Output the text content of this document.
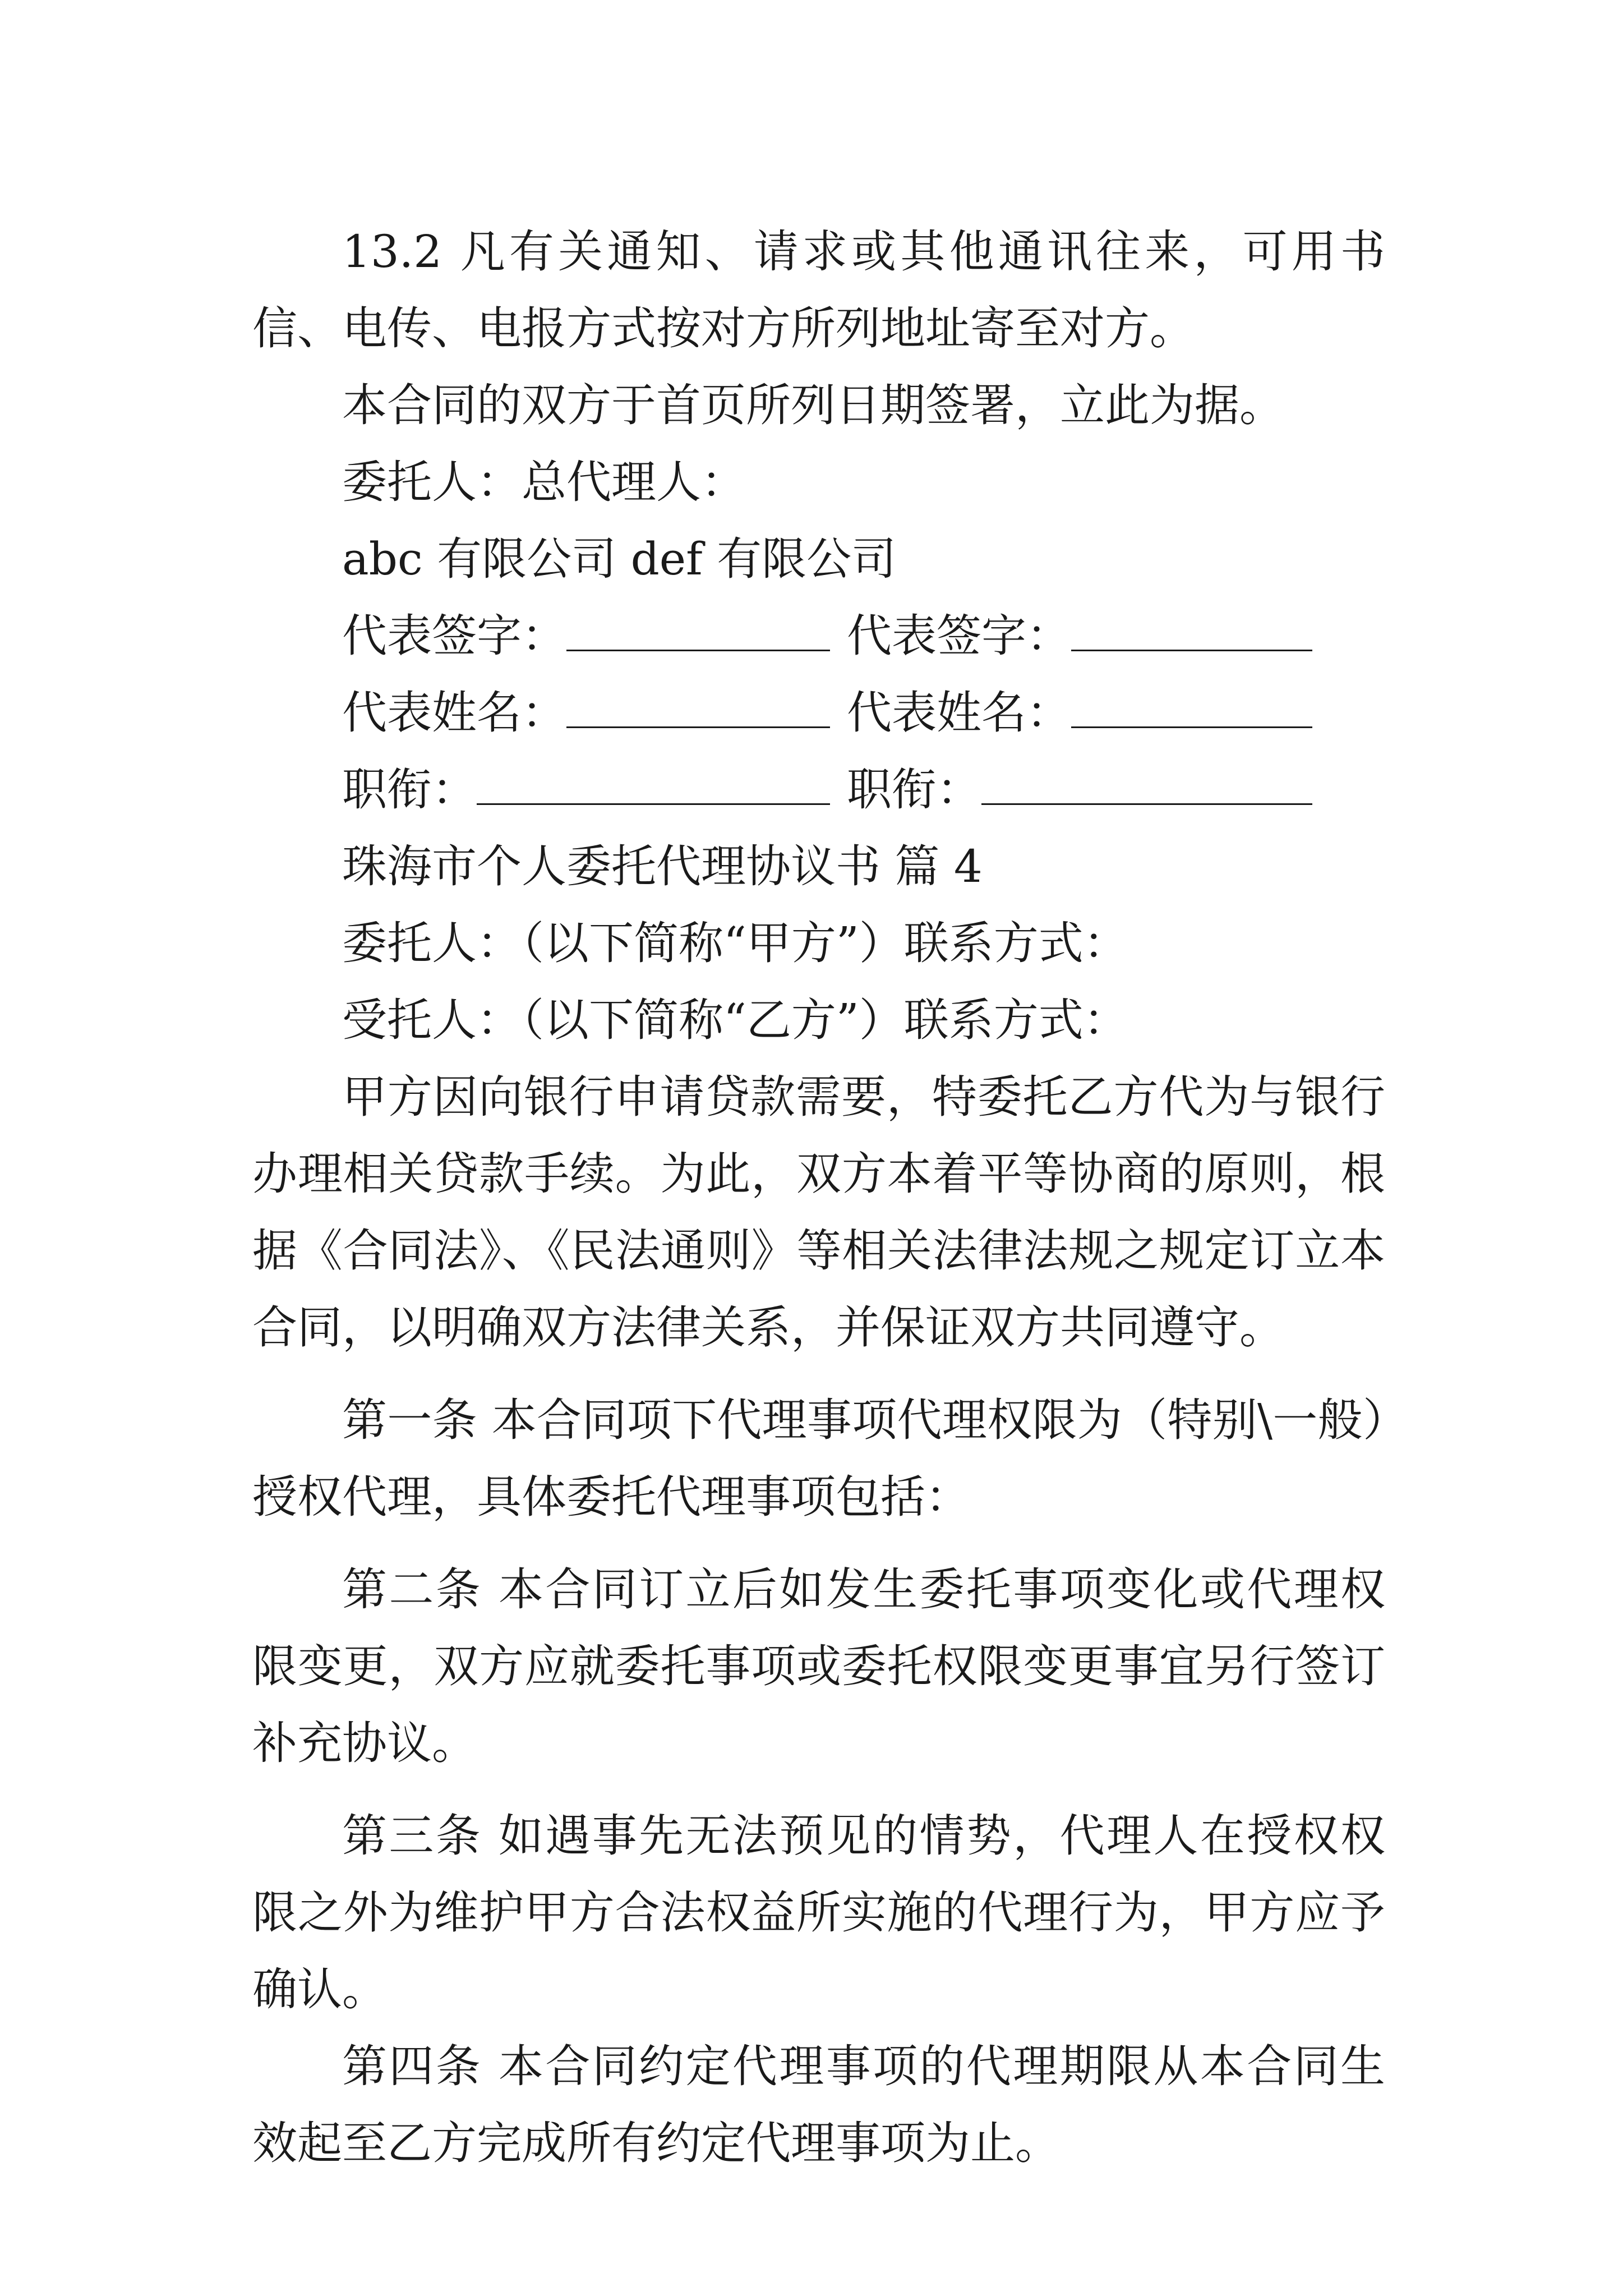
13.2 凡有关通知、请求或其他通讯往来，可用书信、电传、电报方式按对方所列地址寄至对方。

本合同的双方于首页所列日期签署，立此为据。

委托人：总代理人：

abc 有限公司 def 有限公司

代表签字：	代表签字：
代表姓名：	代表姓名：
职衔：	职衔：

珠海市个人委托代理协议书 篇 4

委托人：（以下简称“甲方”）联系方式：

受托人：（以下简称“乙方”）联系方式：

甲方因向银行申请贷款需要，特委托乙方代为与银行办理相关贷款手续。为此，双方本着平等协商的原则，根据《合同法》、《民法通则》等相关法律法规之规定订立本合同，以明确双方法律关系，并保证双方共同遵守。

第一条 本合同项下代理事项代理权限为（特别\一般）授权代理，具体委托代理事项包括：

第二条 本合同订立后如发生委托事项变化或代理权限变更，双方应就委托事项或委托权限变更事宜另行签订补充协议。

第三条 如遇事先无法预见的情势，代理人在授权权限之外为维护甲方合法权益所实施的代理行为，甲方应予确认。

第四条 本合同约定代理事项的代理期限从本合同生效起至乙方完成所有约定代理事项为止。
